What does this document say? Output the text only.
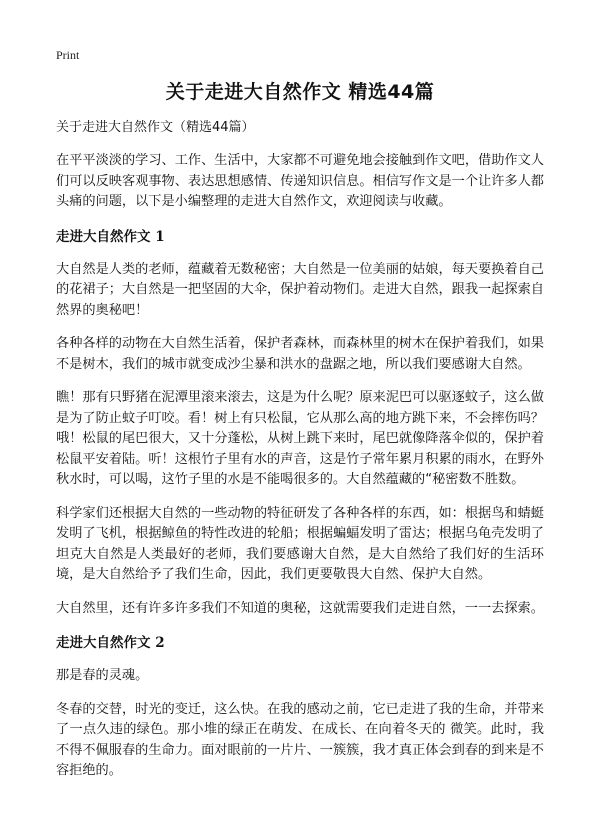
Print

关于走进大自然作文 精选44篇

关于走进大自然作文（精选44篇）

在平平淡淡的学习、工作、生活中，大家都不可避免地会接触到作文吧，借助作文人们可以反映客观事物、表达思想感情、传递知识信息。相信写作文是一个让许多人都头痛的问题，以下是小编整理的走进大自然作文，欢迎阅读与收藏。

走进大自然作文 1

大自然是人类的老师，蕴藏着无数秘密；大自然是一位美丽的姑娘，每天要换着自己的花裙子；大自然是一把坚固的大伞，保护着动物们。走进大自然，跟我一起探索自然界的奥秘吧！

各种各样的动物在大自然生活着，保护者森林，而森林里的树木在保护着我们，如果不是树木，我们的城市就变成沙尘暴和洪水的盘踞之地，所以我们要感谢大自然。

瞧！那有只野猪在泥潭里滚来滚去，这是为什么呢？原来泥巴可以驱逐蚊子，这么做是为了防止蚊子叮咬。看！树上有只松鼠，它从那么高的地方跳下来，不会摔伤吗？哦！松鼠的尾巴很大，又十分蓬松，从树上跳下来时，尾巴就像降落伞似的，保护着松鼠平安着陆。听！这根竹子里有水的声音，这是竹子常年累月积累的雨水，在野外秋水时，可以喝，这竹子里的水是不能喝很多的。大自然蕴藏的“秘密数不胜数。

科学家们还根据大自然的一些动物的特征研发了各种各样的东西，如：根据鸟和蜻蜓发明了飞机，根据鲸鱼的特性改进的轮船；根据蝙蝠发明了雷达；根据乌龟壳发明了坦克大自然是人类最好的老师，我们要感谢大自然，是大自然给了我们好的生活环境，是大自然给予了我们生命，因此，我们更要敬畏大自然、保护大自然。

大自然里，还有许多许多我们不知道的奥秘，这就需要我们走进自然，一一去探索。

走进大自然作文 2

那是春的灵魂。

冬春的交替，时光的变迁，这么快。在我的感动之前，它已走进了我的生命，并带来了一点久违的绿色。那小堆的绿正在萌发、在成长、在向着冬天的 微笑。此时，我不得不佩服春的生命力。面对眼前的一片片、一簇簇，我才真正体会到春的到来是不容拒绝的。
